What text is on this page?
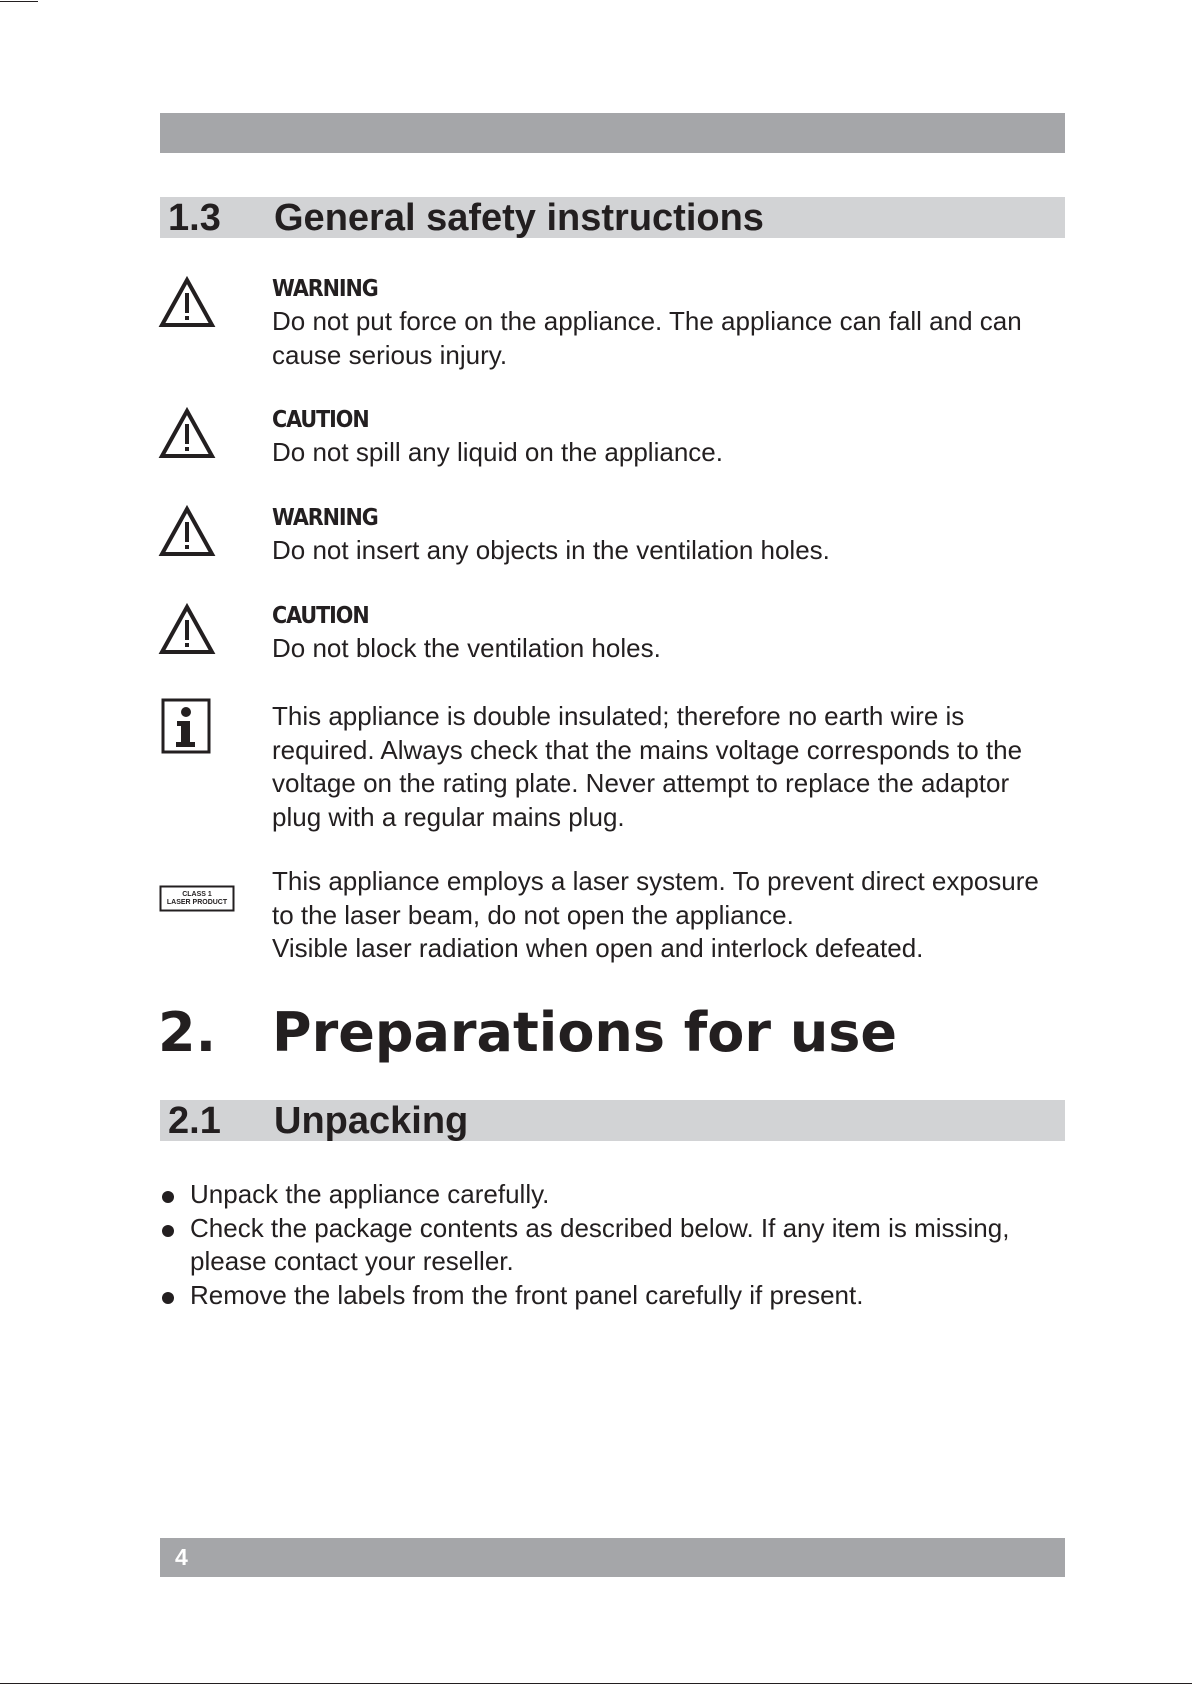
1.3 General safety instructions
WARNING
Do not put force on the appliance. The appliance can fall and can
cause serious injury.
CAUTION
Do not spill any liquid on the appliance.
WARNING
Do not insert any objects in the ventilation holes.
CAUTION
Do not block the ventilation holes.
This appliance is double insulated; therefore no earth wire is
required. Always check that the mains voltage corresponds to the
voltage on the rating plate. Never attempt to replace the adaptor
plug with a regular mains plug.
CLASS 1
LASER PRODUCT
This appliance employs a laser system. To prevent direct exposure
to the laser beam, do not open the appliance.
Visible laser radiation when open and interlock defeated.
2. Preparations for use
2.1 Unpacking
Unpack the appliance carefully.
Check the package contents as described below. If any item is missing,
please contact your reseller.
Remove the labels from the front panel carefully if present.
4
